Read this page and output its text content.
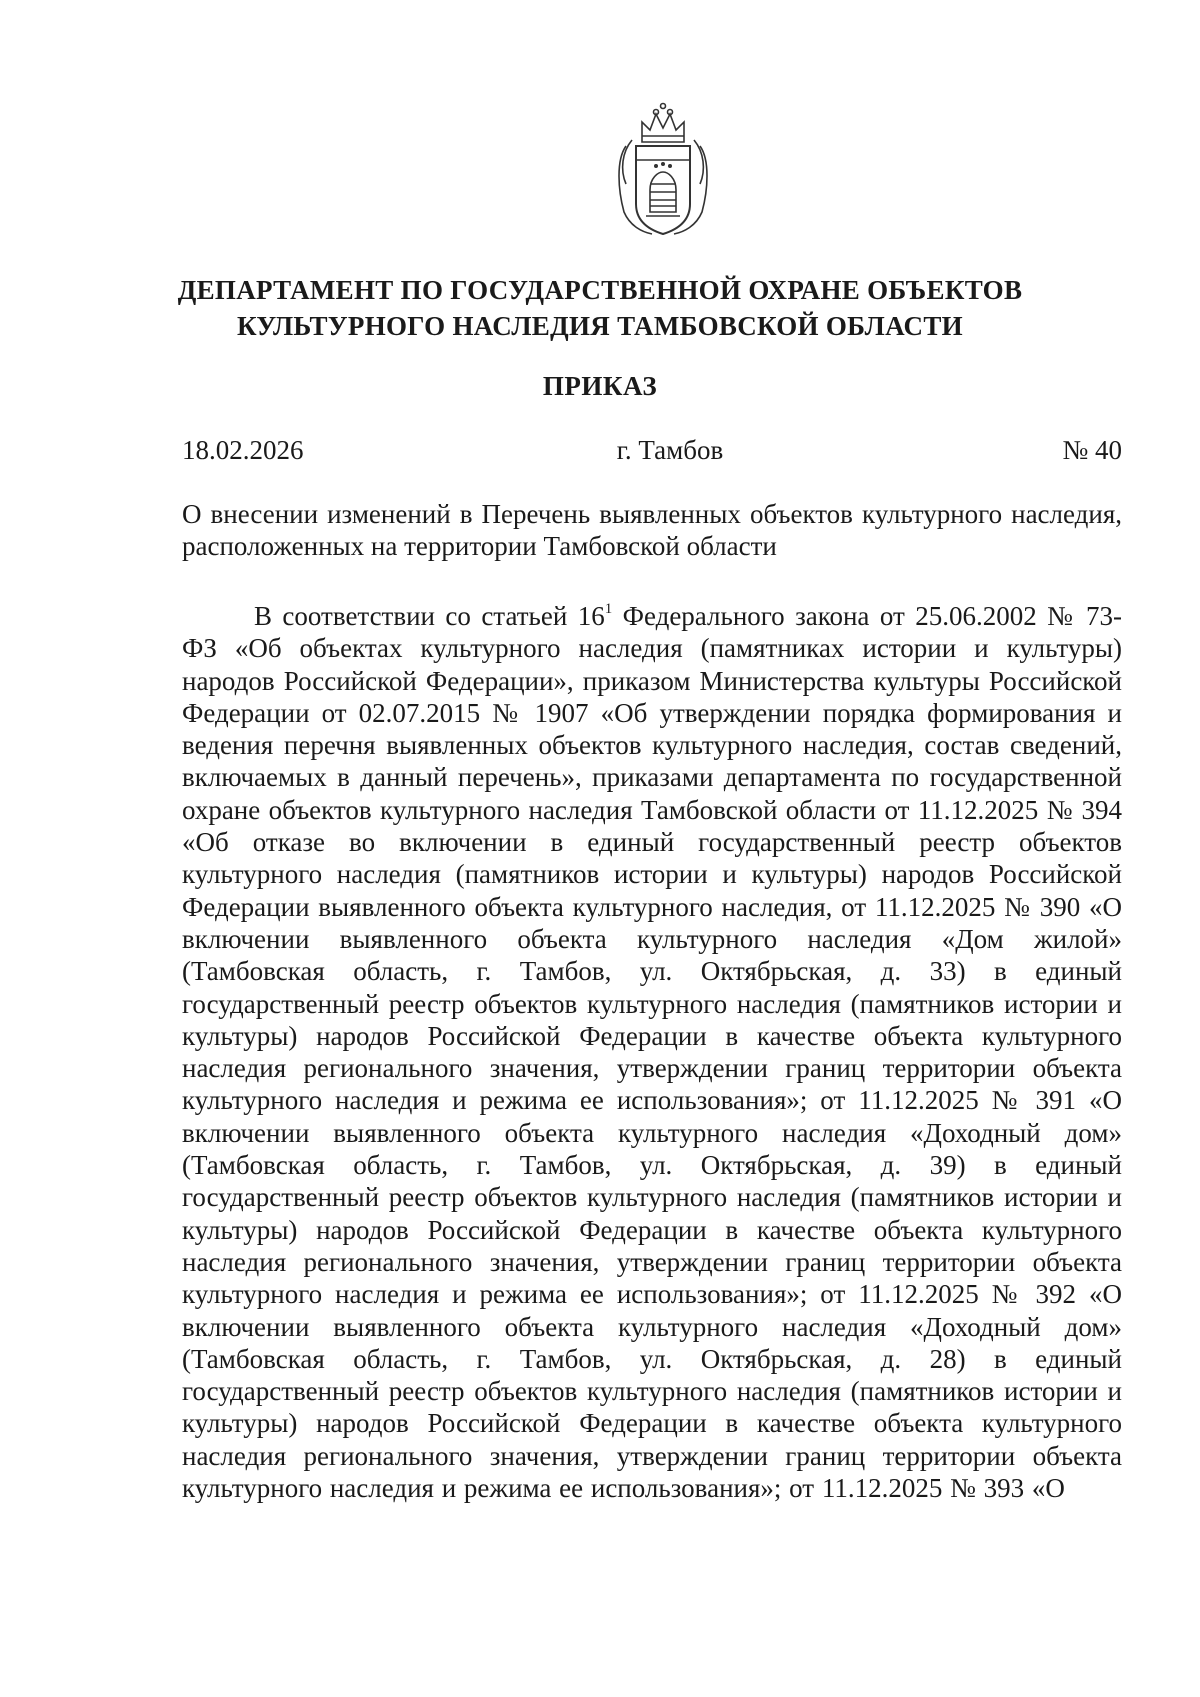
ДЕПАРТАМЕНТ ПО ГОСУДАРСТВЕННОЙ ОХРАНЕ ОБЪЕКТОВ
КУЛЬТУРНОГО НАСЛЕДИЯ ТАМБОВСКОЙ ОБЛАСТИ
ПРИКАЗ
18.02.2026	г. Тамбов	№ 40
О внесении изменений в Перечень выявленных объектов культурного наследия, расположенных на территории Тамбовской области
В соответствии со статьей $16^1$ Федерального закона от 25.06.2002 № 73-ФЗ «Об объектах культурного наследия (памятниках истории и культуры) народов Российской Федерации», приказом Министерства культуры Российской Федерации от 02.07.2015 № 1907 «Об утверждении порядка формирования и ведения перечня выявленных объектов культурного наследия, состав сведений, включаемых в данный перечень», приказами департамента по государственной охране объектов культурного наследия Тамбовской области от 11.12.2025 № 394 «Об отказе во включении в единый государственный реестр объектов культурного наследия (памятников истории и культуры) народов Российской Федерации выявленного объекта культурного наследия, от 11.12.2025 № 390 «О включении выявленного объекта культурного наследия «Дом жилой» (Тамбовская область, г. Тамбов, ул. Октябрьская, д. 33) в единый государственный реестр объектов культурного наследия (памятников истории и культуры) народов Российской Федерации в качестве объекта культурного наследия регионального значения, утверждении границ территории объекта культурного наследия и режима ее использования»; от 11.12.2025 № 391 «О включении выявленного объекта культурного наследия «Доходный дом» (Тамбовская область, г. Тамбов, ул. Октябрьская, д. 39) в единый государственный реестр объектов культурного наследия (памятников истории и культуры) народов Российской Федерации в качестве объекта культурного наследия регионального значения, утверждении границ территории объекта культурного наследия и режима ее использования»; от 11.12.2025 № 392 «О включении выявленного объекта культурного наследия «Доходный дом» (Тамбовская область, г. Тамбов, ул. Октябрьская, д. 28) в единый государственный реестр объектов культурного наследия (памятников истории и культуры) народов Российской Федерации в качестве объекта культурного наследия регионального значения, утверждении границ территории объекта культурного наследия и режима ее использования»; от 11.12.2025 № 393 «О
